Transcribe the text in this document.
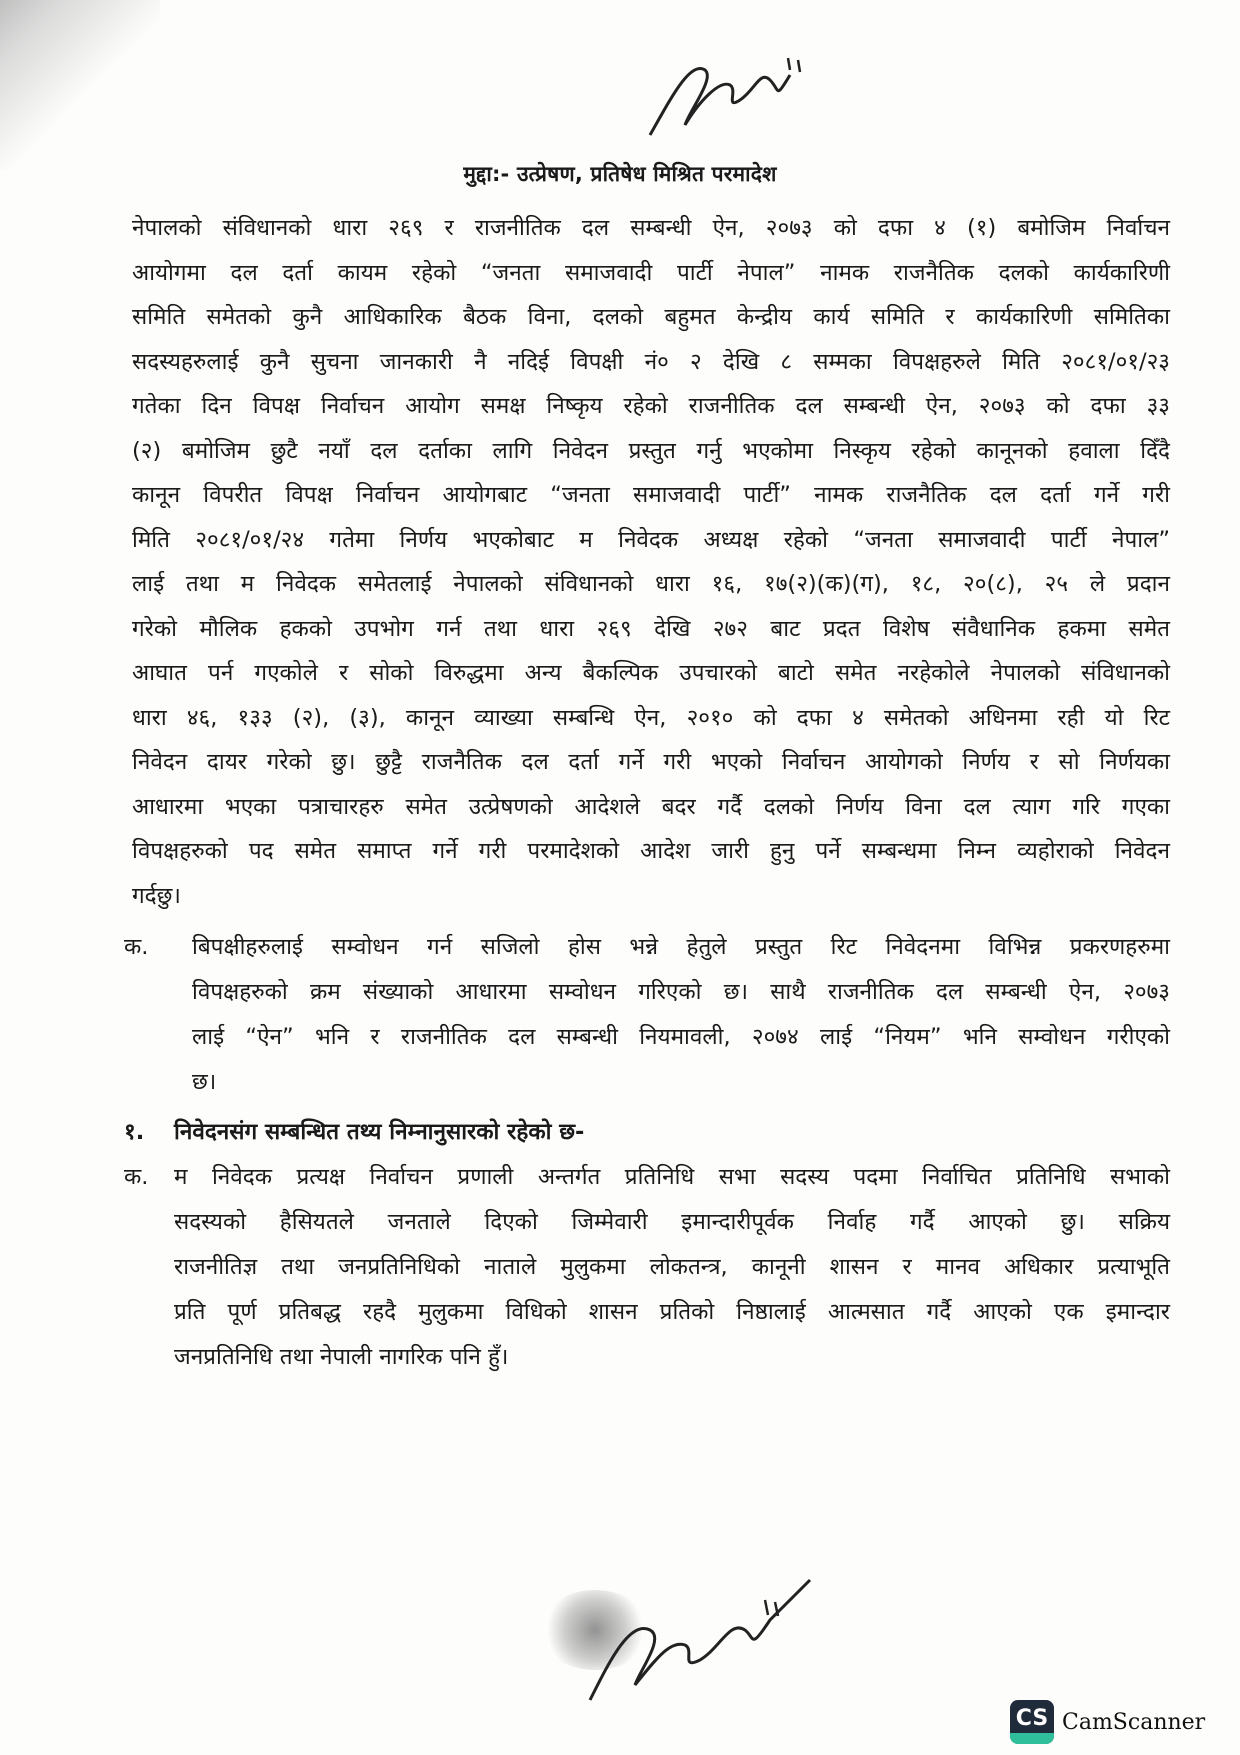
मुद्दा:- उत्प्रेषण, प्रतिषेध मिश्रित परमादेश
नेपालको संविधानको धारा २६९ र राजनीतिक दल सम्बन्धी ऐन, २०७३ को दफा ४ (१) बमोजिम निर्वाचन
आयोगमा दल दर्ता कायम रहेको “जनता समाजवादी पार्टी नेपाल” नामक राजनैतिक दलको कार्यकारिणी
समिति समेतको कुनै आधिकारिक बैठक विना, दलको बहुमत केन्द्रीय कार्य समिति र कार्यकारिणी समितिका
सदस्यहरुलाई कुनै सुचना जानकारी नै नदिई विपक्षी नं० २ देखि ८ सम्मका विपक्षहरुले मिति २०८१/०१/२३
गतेका दिन विपक्ष निर्वाचन आयोग समक्ष निष्कृय रहेको राजनीतिक दल सम्बन्धी ऐन, २०७३ को दफा ३३
(२) बमोजिम छुटै नयाँ दल दर्ताका लागि निवेदन प्रस्तुत गर्नु भएकोमा निस्कृय रहेको कानूनको हवाला दिँदै
कानून विपरीत विपक्ष निर्वाचन आयोगबाट “जनता समाजवादी पार्टी” नामक राजनैतिक दल दर्ता गर्ने गरी
मिति २०८१/०१/२४ गतेमा निर्णय भएकोबाट म निवेदक अध्यक्ष रहेको “जनता समाजवादी पार्टी नेपाल”
लाई तथा म निवेदक समेतलाई नेपालको संविधानको धारा १६, १७(२)(क)(ग), १८, २०(८), २५ ले प्रदान
गरेको मौलिक हकको उपभोग गर्न तथा धारा २६९ देखि २७२ बाट प्रदत विशेष संवैधानिक हकमा समेत
आघात पर्न गएकोले र सोको विरुद्धमा अन्य बैकल्पिक उपचारको बाटो समेत नरहेकोले नेपालको संविधानको
धारा ४६, १३३ (२), (३), कानून व्याख्या सम्बन्धि ऐन, २०१० को दफा ४ समेतको अधिनमा रही यो रिट
निवेदन दायर गरेको छु। छुट्टै राजनैतिक दल दर्ता गर्ने गरी भएको निर्वाचन आयोगको निर्णय र सो निर्णयका
आधारमा भएका पत्राचारहरु समेत उत्प्रेषणको आदेशले बदर गर्दै दलको निर्णय विना दल त्याग गरि गएका
विपक्षहरुको पद समेत समाप्त गर्ने गरी परमादेशको आदेश जारी हुनु पर्ने सम्बन्धमा निम्न व्यहोराको निवेदन
गर्दछु।
क. बिपक्षीहरुलाई सम्वोधन गर्न सजिलो होस भन्ने हेतुले प्रस्तुत रिट निवेदनमा विभिन्न प्रकरणहरुमा
विपक्षहरुको क्रम संख्याको आधारमा सम्वोधन गरिएको छ। साथै राजनीतिक दल सम्बन्धी ऐन, २०७३
लाई “ऐन” भनि र राजनीतिक दल सम्बन्धी नियमावली, २०७४ लाई “नियम” भनि सम्वोधन गरीएको
छ।
१. निवेदनसंग सम्बन्धित तथ्य निम्नानुसारको रहेको छ-
क. म निवेदक प्रत्यक्ष निर्वाचन प्रणाली अन्तर्गत प्रतिनिधि सभा सदस्य पदमा निर्वाचित प्रतिनिधि सभाको
सदस्यको हैसियतले जनताले दिएको जिम्मेवारी इमान्दारीपूर्वक निर्वाह गर्दै आएको छु। सक्रिय
राजनीतिज्ञ तथा जनप्रतिनिधिको नाताले मुलुकमा लोकतन्त्र, कानूनी शासन र मानव अधिकार प्रत्याभूति
प्रति पूर्ण प्रतिबद्ध रहदै मुलुकमा विधिको शासन प्रतिको निष्ठालाई आत्मसात गर्दै आएको एक इमान्दार
जनप्रतिनिधि तथा नेपाली नागरिक पनि हुँ।
CS CamScanner
